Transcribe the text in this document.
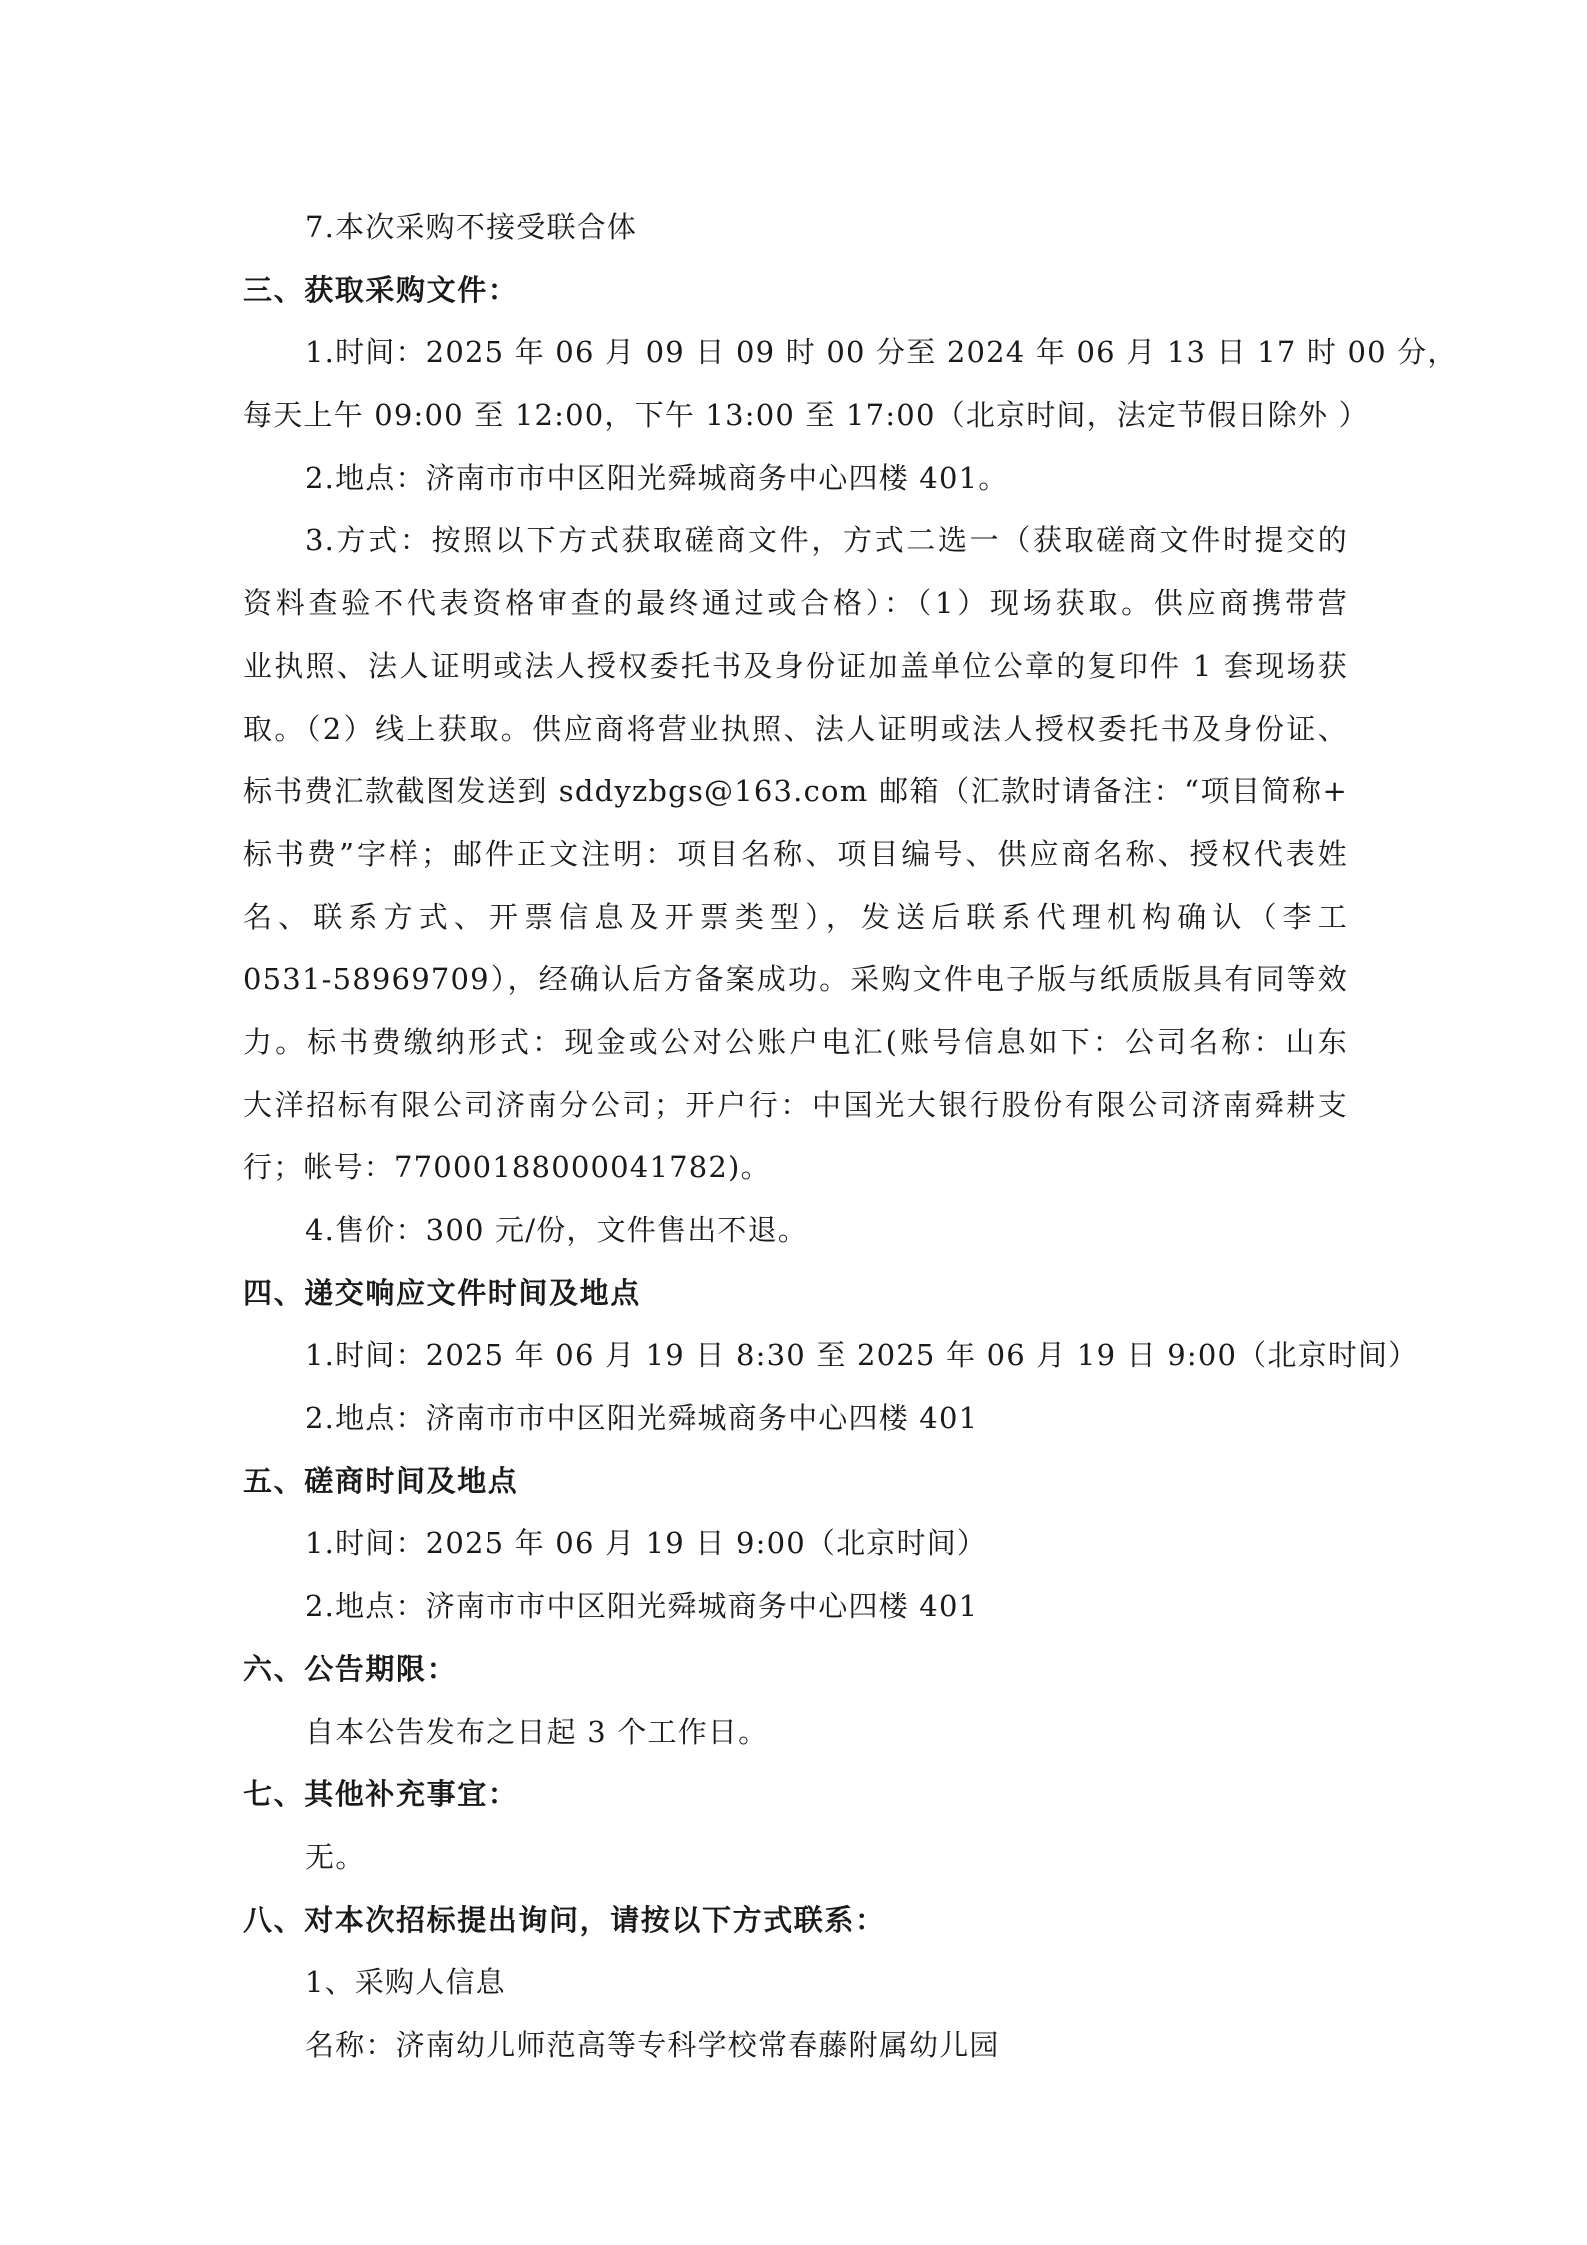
7.本次采购不接受联合体
三、获取采购文件：
1.时间：2025 年 06 月 09 日 09 时 00 分至 2024 年 06 月 13 日 17 时 00 分，
每天上午 09:00 至 12:00，下午 13:00 至 17:00（北京时间，法定节假日除外 ）
2.地点：济南市市中区阳光舜城商务中心四楼 401。
3.方式：按照以下方式获取磋商文件，方式二选一（获取磋商文件时提交的
资料查验不代表资格审查的最终通过或合格）：（1）现场获取。供应商携带营
业执照、法人证明或法人授权委托书及身份证加盖单位公章的复印件 1 套现场获
取。（2）线上获取。供应商将营业执照、法人证明或法人授权委托书及身份证、
标书费汇款截图发送到 sddyzbgs@163.com 邮箱（汇款时请备注：“项目简称+
标书费”字样；邮件正文注明：项目名称、项目编号、供应商名称、授权代表姓
名、联系方式、开票信息及开票类型），发送后联系代理机构确认（李工
0531-58969709），经确认后方备案成功。采购文件电子版与纸质版具有同等效
力。标书费缴纳形式：现金或公对公账户电汇(账号信息如下：公司名称：山东
大洋招标有限公司济南分公司；开户行：中国光大银行股份有限公司济南舜耕支
行；帐号：77000188000041782)。
4.售价：300 元/份，文件售出不退。
四、递交响应文件时间及地点
1.时间：2025 年 06 月 19 日 8:30 至 2025 年 06 月 19 日 9:00（北京时间）
2.地点：济南市市中区阳光舜城商务中心四楼 401
五、磋商时间及地点
1.时间：2025 年 06 月 19 日 9:00（北京时间）
2.地点：济南市市中区阳光舜城商务中心四楼 401
六、公告期限：
自本公告发布之日起 3 个工作日。
七、其他补充事宜：
无。
八、对本次招标提出询问，请按以下方式联系：
1、采购人信息
名称：济南幼儿师范高等专科学校常春藤附属幼儿园
